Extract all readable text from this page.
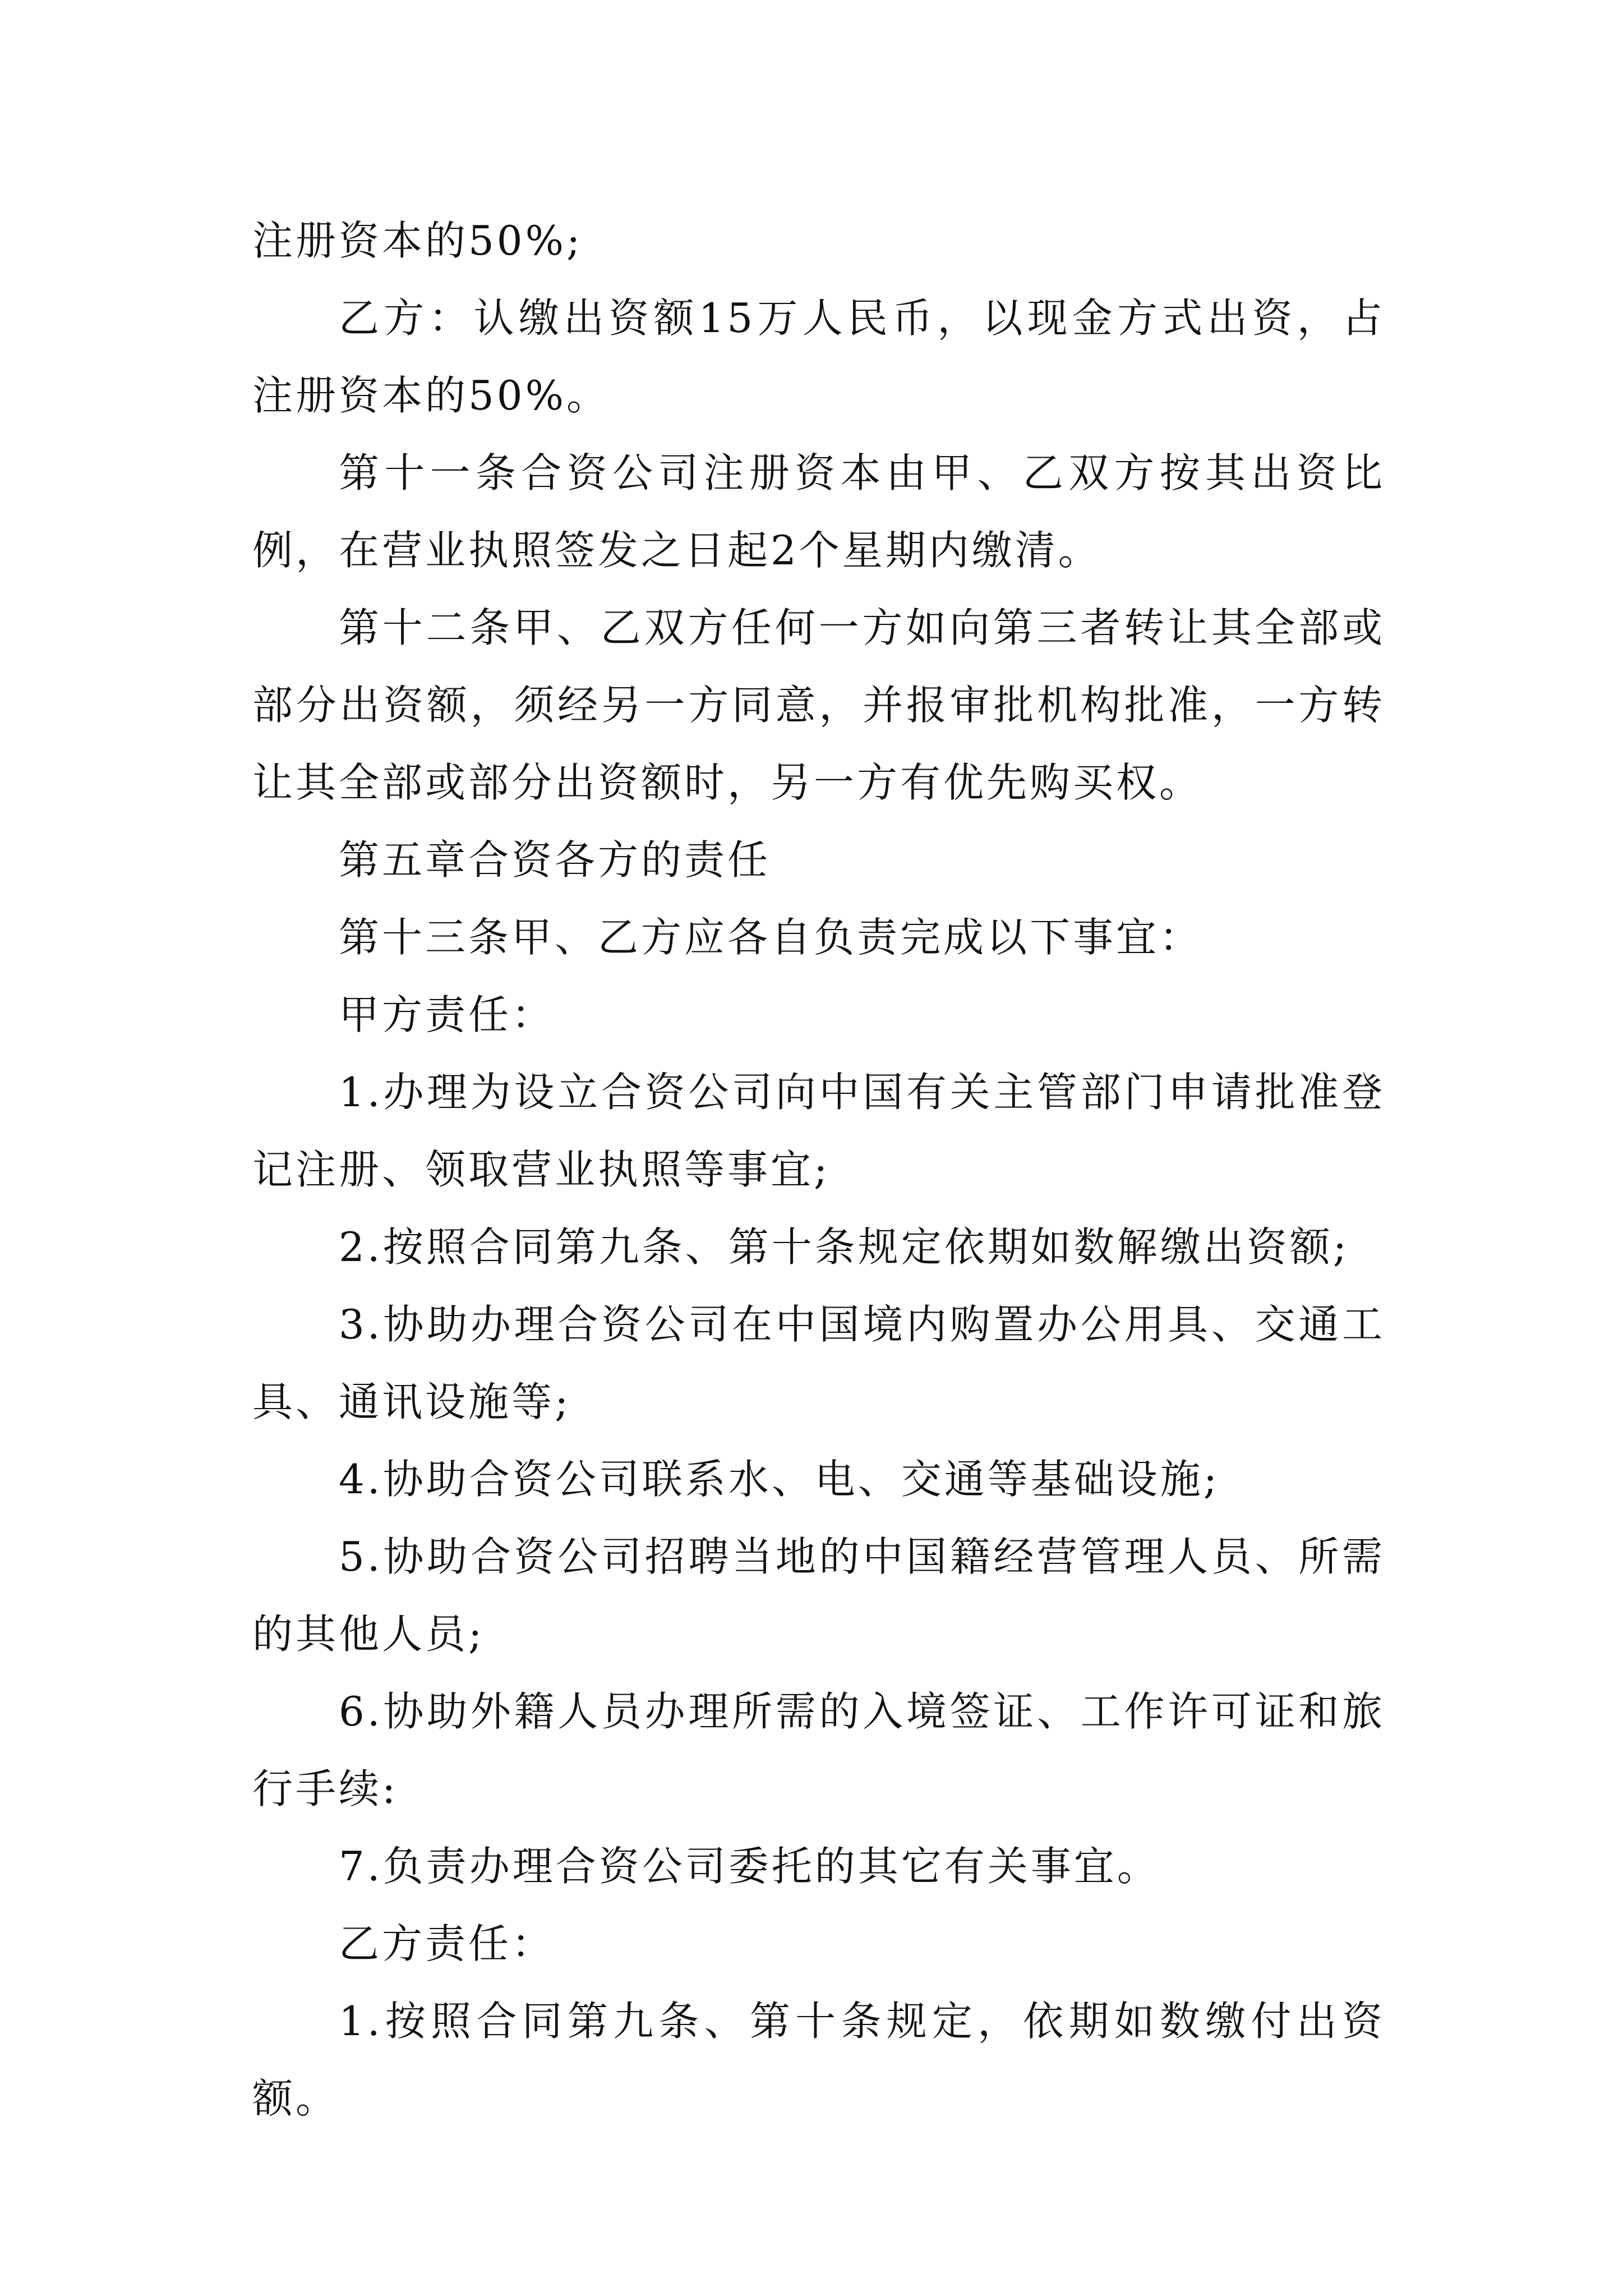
注册资本的50%;

乙方：认缴出资额15万人民币，以现金方式出资，占注册资本的50%。

第十一条合资公司注册资本由甲、乙双方按其出资比例，在营业执照签发之日起2个星期内缴清。

第十二条甲、乙双方任何一方如向第三者转让其全部或部分出资额，须经另一方同意，并报审批机构批准，一方转让其全部或部分出资额时，另一方有优先购买权。

第五章合资各方的责任

第十三条甲、乙方应各自负责完成以下事宜：

甲方责任：

1.办理为设立合资公司向中国有关主管部门申请批准登记注册、领取营业执照等事宜;

2.按照合同第九条、第十条规定依期如数解缴出资额;

3.协助办理合资公司在中国境内购置办公用具、交通工具、通讯设施等;

4.协助合资公司联系水、电、交通等基础设施;

5.协助合资公司招聘当地的中国籍经营管理人员、所需的其他人员;

6.协助外籍人员办理所需的入境签证、工作许可证和旅行手续:

7.负责办理合资公司委托的其它有关事宜。

乙方责任：

1.按照合同第九条、第十条规定，依期如数缴付出资额。
